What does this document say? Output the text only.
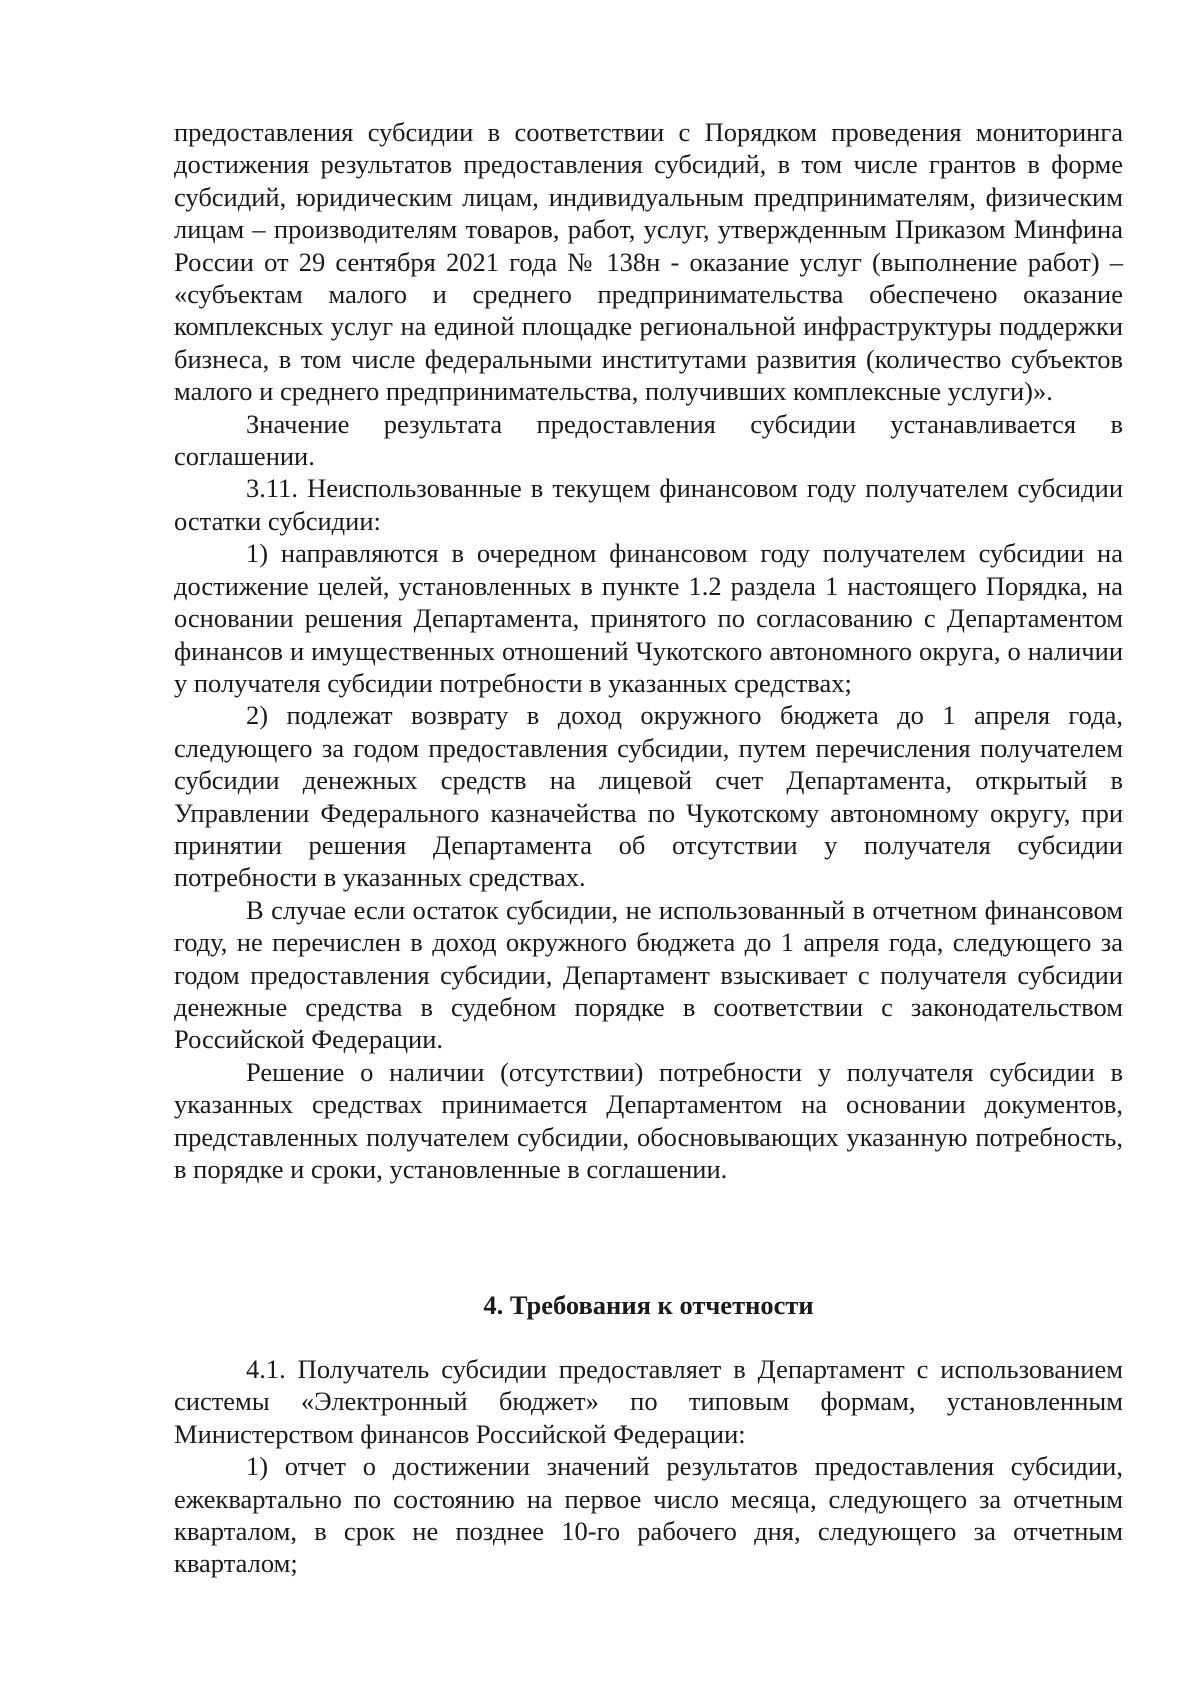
предоставления субсидии в соответствии с Порядком проведения мониторинга достижения результатов предоставления субсидий, в том числе грантов в форме субсидий, юридическим лицам, индивидуальным предпринимателям, физическим лицам – производителям товаров, работ, услуг, утвержденным Приказом Минфина России от 29 сентября 2021 года № 138н - оказание услуг (выполнение работ) – «субъектам малого и среднего предпринимательства обеспечено оказание комплексных услуг на единой площадке региональной инфраструктуры поддержки бизнеса, в том числе федеральными институтами развития (количество субъектов малого и среднего предпринимательства, получивших комплексные услуги)».

Значение результата предоставления субсидии устанавливается в соглашении.

3.11. Неиспользованные в текущем финансовом году получателем субсидии остатки субсидии:

1) направляются в очередном финансовом году получателем субсидии на достижение целей, установленных в пункте 1.2 раздела 1 настоящего Порядка, на основании решения Департамента, принятого по согласованию с Департаментом финансов и имущественных отношений Чукотского автономного округа, о наличии у получателя субсидии потребности в указанных средствах;

2) подлежат возврату в доход окружного бюджета до 1 апреля года, следующего за годом предоставления субсидии, путем перечисления получателем субсидии денежных средств на лицевой счет Департамента, открытый в Управлении Федерального казначейства по Чукотскому автономному округу, при принятии решения Департамента об отсутствии у получателя субсидии потребности в указанных средствах.

В случае если остаток субсидии, не использованный в отчетном финансовом году, не перечислен в доход окружного бюджета до 1 апреля года, следующего за годом предоставления субсидии, Департамент взыскивает с получателя субсидии денежные средства в судебном порядке в соответствии с законодательством Российской Федерации.

Решение о наличии (отсутствии) потребности у получателя субсидии в указанных средствах принимается Департаментом на основании документов, представленных получателем субсидии, обосновывающих указанную потребность, в порядке и сроки, установленные в соглашении.

4. Требования к отчетности

4.1. Получатель субсидии предоставляет в Департамент с использованием системы «Электронный бюджет» по типовым формам, установленным Министерством финансов Российской Федерации:

1) отчет о достижении значений результатов предоставления субсидии, ежеквартально по состоянию на первое число месяца, следующего за отчетным кварталом, в срок не позднее 10-го рабочего дня, следующего за отчетным кварталом;
